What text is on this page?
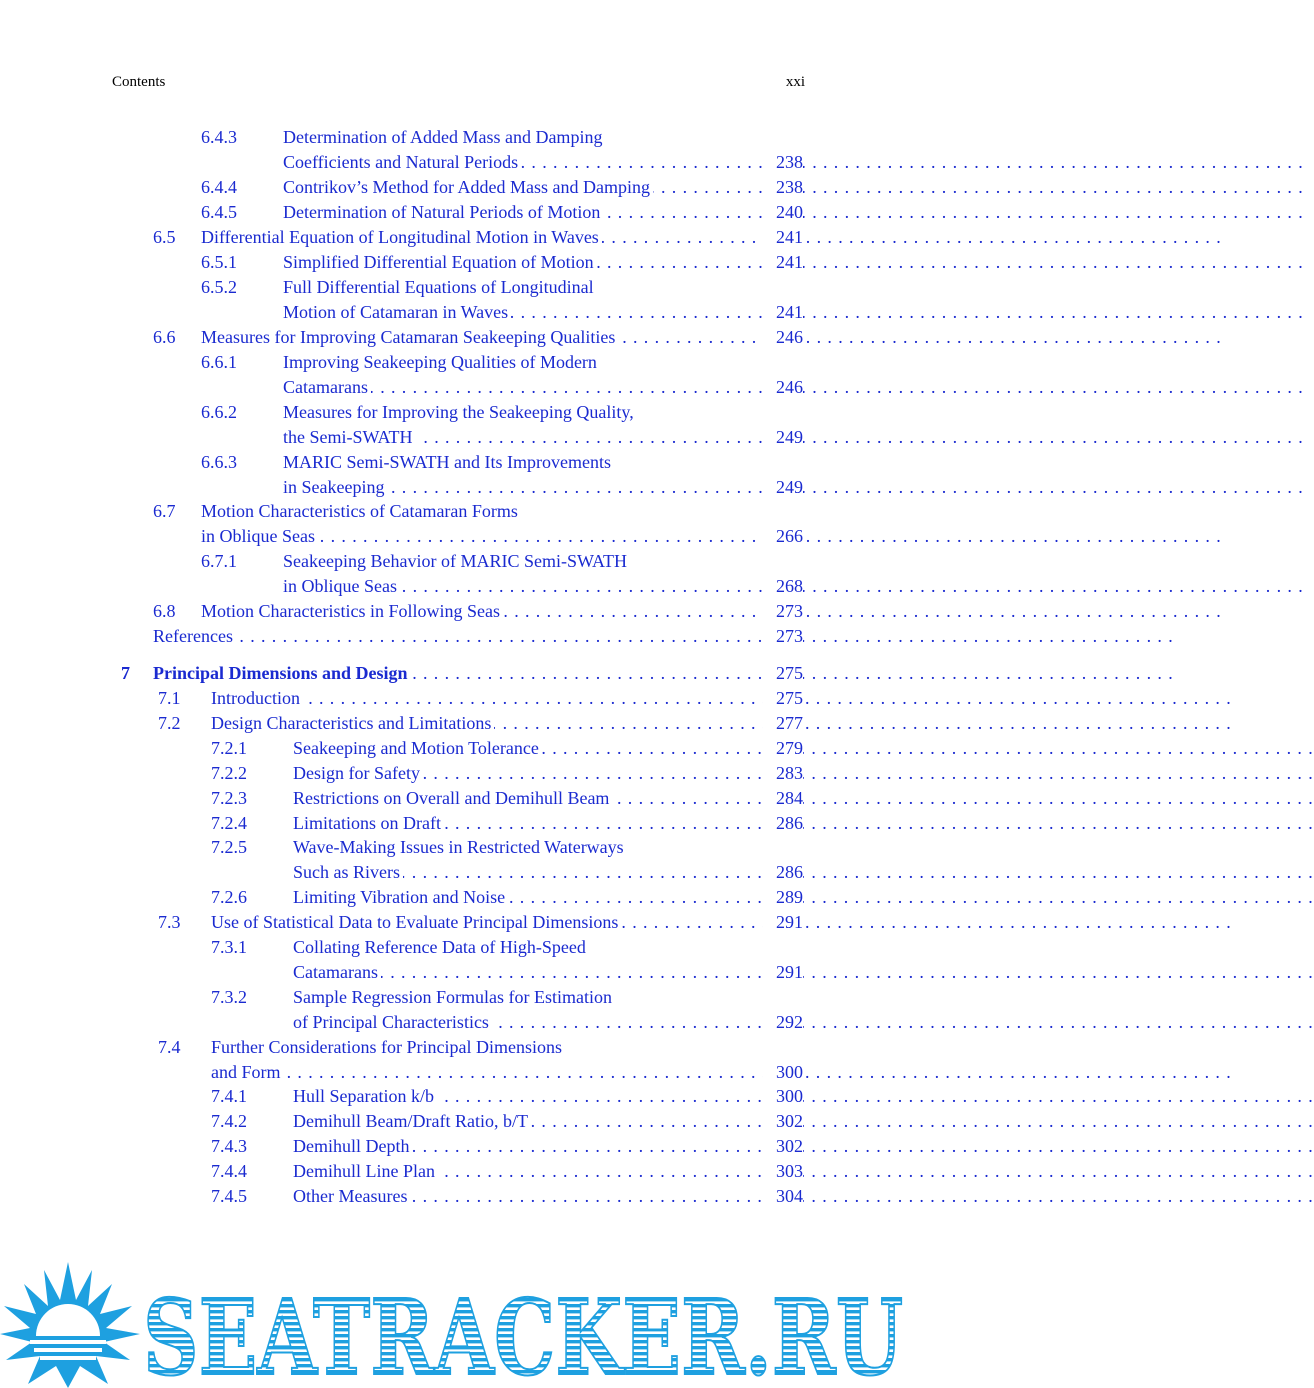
Contents	xxi
6.4.3	Determination of Added Mass and Damping
Coefficients and Natural Periods . . .	238
6.4.4	Contrikov’s Method for Added Mass and Damping . . .	238
6.4.5	Determination of Natural Periods of Motion . . .	240
6.5 Differential Equation of Longitudinal Motion in Waves . . .	241
6.5.1	Simplified Differential Equation of Motion . . .	241
6.5.2	Full Differential Equations of Longitudinal
Motion of Catamaran in Waves . . .	241
6.6 Measures for Improving Catamaran Seakeeping Qualities . . .	246
6.6.1	Improving Seakeeping Qualities of Modern
Catamarans . . .	246
6.6.2	Measures for Improving the Seakeeping Quality,
the Semi-SWATH . . .	249
6.6.3	MARIC Semi-SWATH and Its Improvements
in Seakeeping . . .	249
6.7 Motion Characteristics of Catamaran Forms
in Oblique Seas . . .	266
6.7.1	Seakeeping Behavior of MARIC Semi-SWATH
in Oblique Seas . . .	268
6.8 Motion Characteristics in Following Seas . . .	273
References . . .	273
7 Principal Dimensions and Design . . .	275
7.1 Introduction . . .	275
7.2 Design Characteristics and Limitations . . .	277
7.2.1	Seakeeping and Motion Tolerance . . .	279
7.2.2	Design for Safety . . .	283
7.2.3	Restrictions on Overall and Demihull Beam . . .	284
7.2.4	Limitations on Draft . . .	286
7.2.5	Wave-Making Issues in Restricted Waterways
Such as Rivers . . .	286
7.2.6	Limiting Vibration and Noise . . .	289
7.3 Use of Statistical Data to Evaluate Principal Dimensions . . .	291
7.3.1	Collating Reference Data of High-Speed
Catamarans . . .	291
7.3.2	Sample Regression Formulas for Estimation
of Principal Characteristics . . .	292
7.4 Further Considerations for Principal Dimensions
and Form . . .	300
7.4.1	Hull Separation k/b . . .	300
7.4.2	Demihull Beam/Draft Ratio, b/T . . .	302
7.4.3	Demihull Depth . . .	302
7.4.4	Demihull Line Plan . . .	303
7.4.5	Other Measures . . .	304
SEATRACKER.RU
